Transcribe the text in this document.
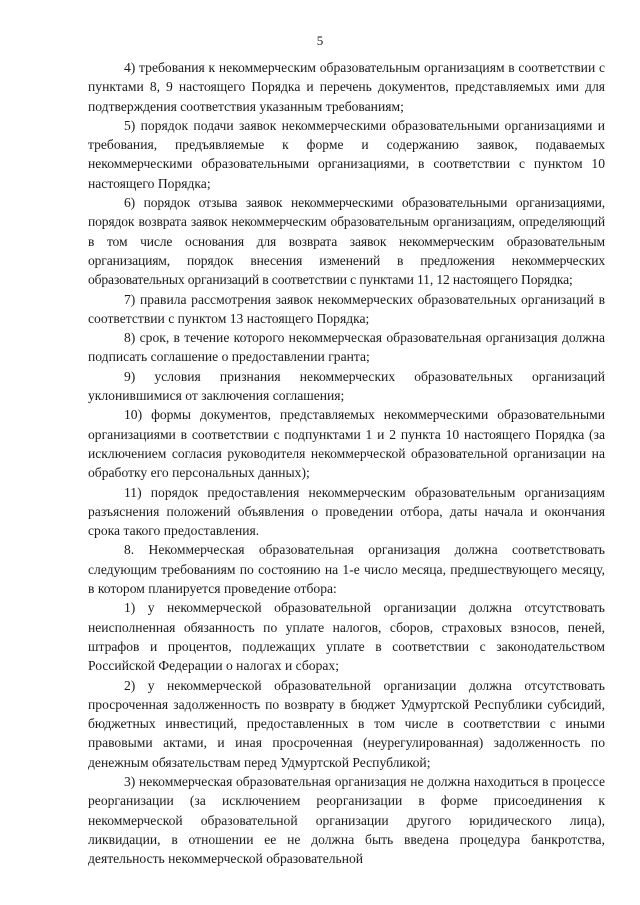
5

4) требования к некоммерческим образовательным организациям в соответствии с пунктами 8, 9 настоящего Порядка и перечень документов, представляемых ими для подтверждения соответствия указанным требованиям;

5) порядок подачи заявок некоммерческими образовательными организациями и требования, предъявляемые к форме и содержанию заявок, подаваемых некоммерческими образовательными организациями, в соответствии с пунктом 10 настоящего Порядка;

6) порядок отзыва заявок некоммерческими образовательными организациями, порядок возврата заявок некоммерческим образовательным организациям, определяющий в том числе основания для возврата заявок некоммерческим образовательным организациям, порядок внесения изменений в предложения некоммерческих образовательных организаций в соответствии с пунктами 11, 12 настоящего Порядка;

7) правила рассмотрения заявок некоммерческих образовательных организаций в соответствии с пунктом 13 настоящего Порядка;

8) срок, в течение которого некоммерческая образовательная организация должна подписать соглашение о предоставлении гранта;

9) условия признания некоммерческих образовательных организаций уклонившимися от заключения соглашения;

10) формы документов, представляемых некоммерческими образовательными организациями в соответствии с подпунктами 1 и 2 пункта 10 настоящего Порядка (за исключением согласия руководителя некоммерческой образовательной организации на обработку его персональных данных);

11) порядок предоставления некоммерческим образовательным организациям разъяснения положений объявления о проведении отбора, даты начала и окончания срока такого предоставления.

8. Некоммерческая образовательная организация должна соответствовать следующим требованиям по состоянию на 1-е число месяца, предшествующего месяцу, в котором планируется проведение отбора:

1) у некоммерческой образовательной организации должна отсутствовать неисполненная обязанность по уплате налогов, сборов, страховых взносов, пеней, штрафов и процентов, подлежащих уплате в соответствии с законодательством Российской Федерации о налогах и сборах;

2) у некоммерческой образовательной организации должна отсутствовать просроченная задолженность по возврату в бюджет Удмуртской Республики субсидий, бюджетных инвестиций, предоставленных в том числе в соответствии с иными правовыми актами, и иная просроченная (неурегулированная) задолженность по денежным обязательствам перед Удмуртской Республикой;

3) некоммерческая образовательная организация не должна находиться в процессе реорганизации (за исключением реорганизации в форме присоединения к некоммерческой образовательной организации другого юридического лица), ликвидации, в отношении ее не должна быть введена процедура банкротства, деятельность некоммерческой образовательной
